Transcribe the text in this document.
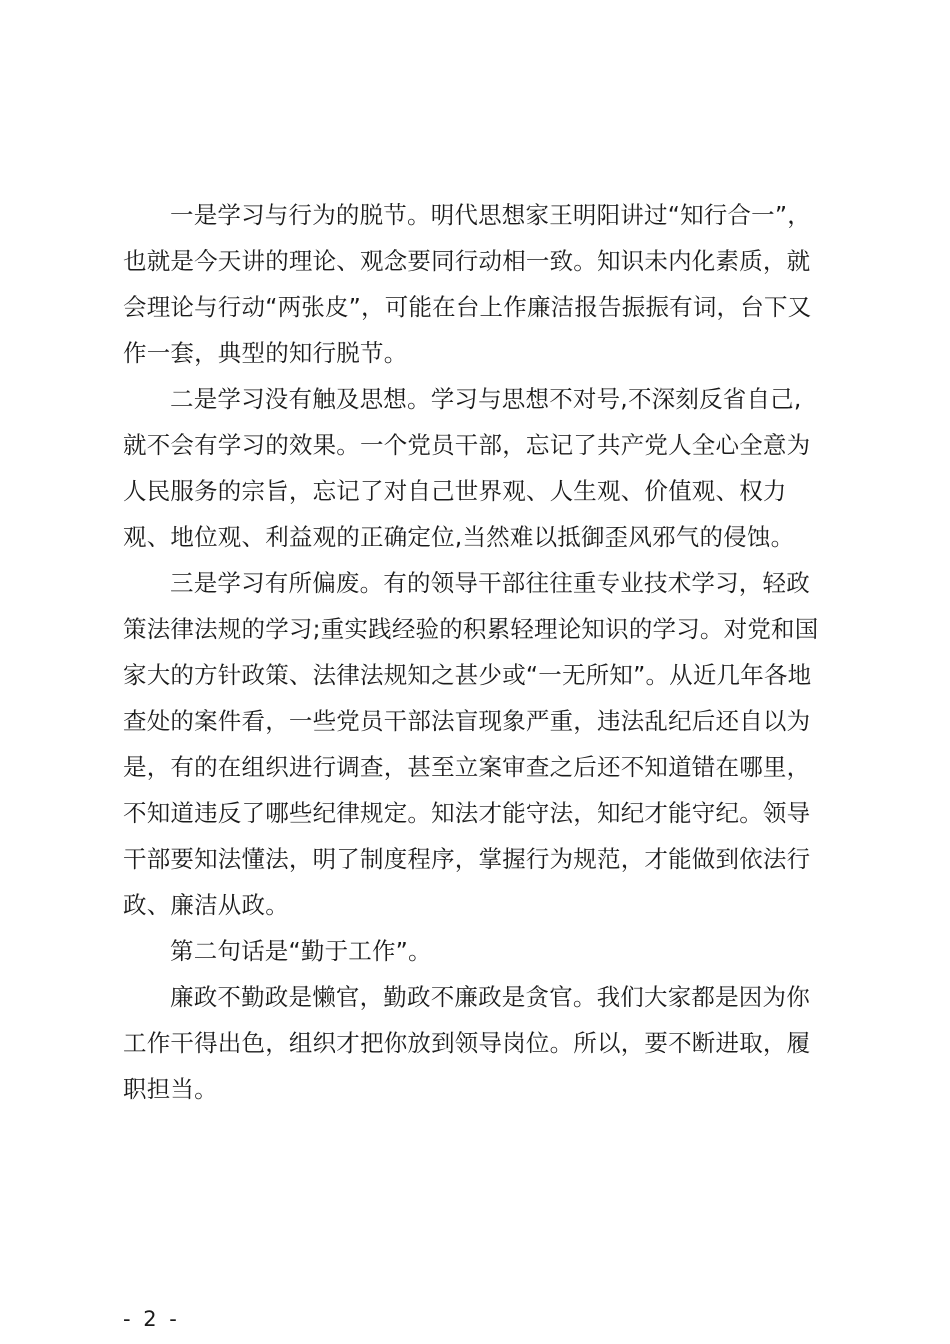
一是学习与行为的脱节。明代思想家王明阳讲过“知行合一”，也就是今天讲的理论、观念要同行动相一致。知识未内化素质，就会理论与行动“两张皮”，可能在台上作廉洁报告振振有词，台下又作一套，典型的知行脱节。

二是学习没有触及思想。学习与思想不对号,不深刻反省自己,就不会有学习的效果。一个党员干部，忘记了共产党人全心全意为人民服务的宗旨，忘记了对自己世界观、人生观、价值观、权力观、地位观、利益观的正确定位,当然难以抵御歪风邪气的侵蚀。

三是学习有所偏废。有的领导干部往往重专业技术学习，轻政策法律法规的学习;重实践经验的积累轻理论知识的学习。对党和国家大的方针政策、法律法规知之甚少或“一无所知”。从近几年各地查处的案件看，一些党员干部法盲现象严重，违法乱纪后还自以为是，有的在组织进行调查，甚至立案审查之后还不知道错在哪里，不知道违反了哪些纪律规定。知法才能守法，知纪才能守纪。领导干部要知法懂法，明了制度程序，掌握行为规范，才能做到依法行政、廉洁从政。

第二句话是“勤于工作”。

廉政不勤政是懒官，勤政不廉政是贪官。我们大家都是因为你工作干得出色，组织才把你放到领导岗位。所以，要不断进取，履职担当。

- 2 -
